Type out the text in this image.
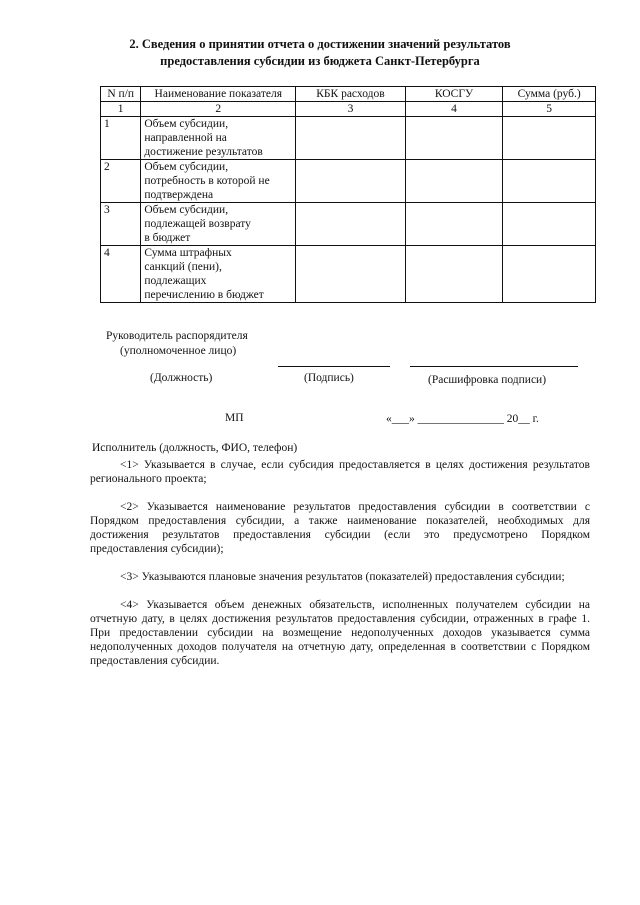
2. Сведения о принятии отчета о достижении значений результатов
предоставления субсидии из бюджета Санкт-Петербурга
N п/п	Наименование показателя	КБК расходов	КОСГУ	Сумма (руб.)
1	2	3	4	5
1	Объем субсидии,
направленной на
достижение результатов			
2	Объем субсидии,
потребность в которой не
подтверждена			
3	Объем субсидии,
подлежащей возврату
в бюджет			
4	Сумма штрафных
санкций (пени),
подлежащих
перечислению в бюджет			
Руководитель распорядителя
(уполномоченное лицо)
(Должность)	(Подпись)	(Расшифровка подписи)
МП	«___» _______________ 20__ г.
Исполнитель (должность, ФИО, телефон)

<1> Указывается в случае, если субсидия предоставляется в целях достижения результатов регионального проекта;

<2> Указывается наименование результатов предоставления субсидии в соответствии с Порядком предоставления субсидии, а также наименование показателей, необходимых для достижения результатов предоставления субсидии (если это предусмотрено Порядком предоставления субсидии);

<3> Указываются плановые значения результатов (показателей) предоставления субсидии;

<4> Указывается объем денежных обязательств, исполненных получателем субсидии на отчетную дату, в целях достижения результатов предоставления субсидии, отраженных в графе 1. При предоставлении субсидии на возмещение недополученных доходов указывается сумма недополученных доходов получателя на отчетную дату, определенная в соответствии с Порядком предоставления субсидии.
